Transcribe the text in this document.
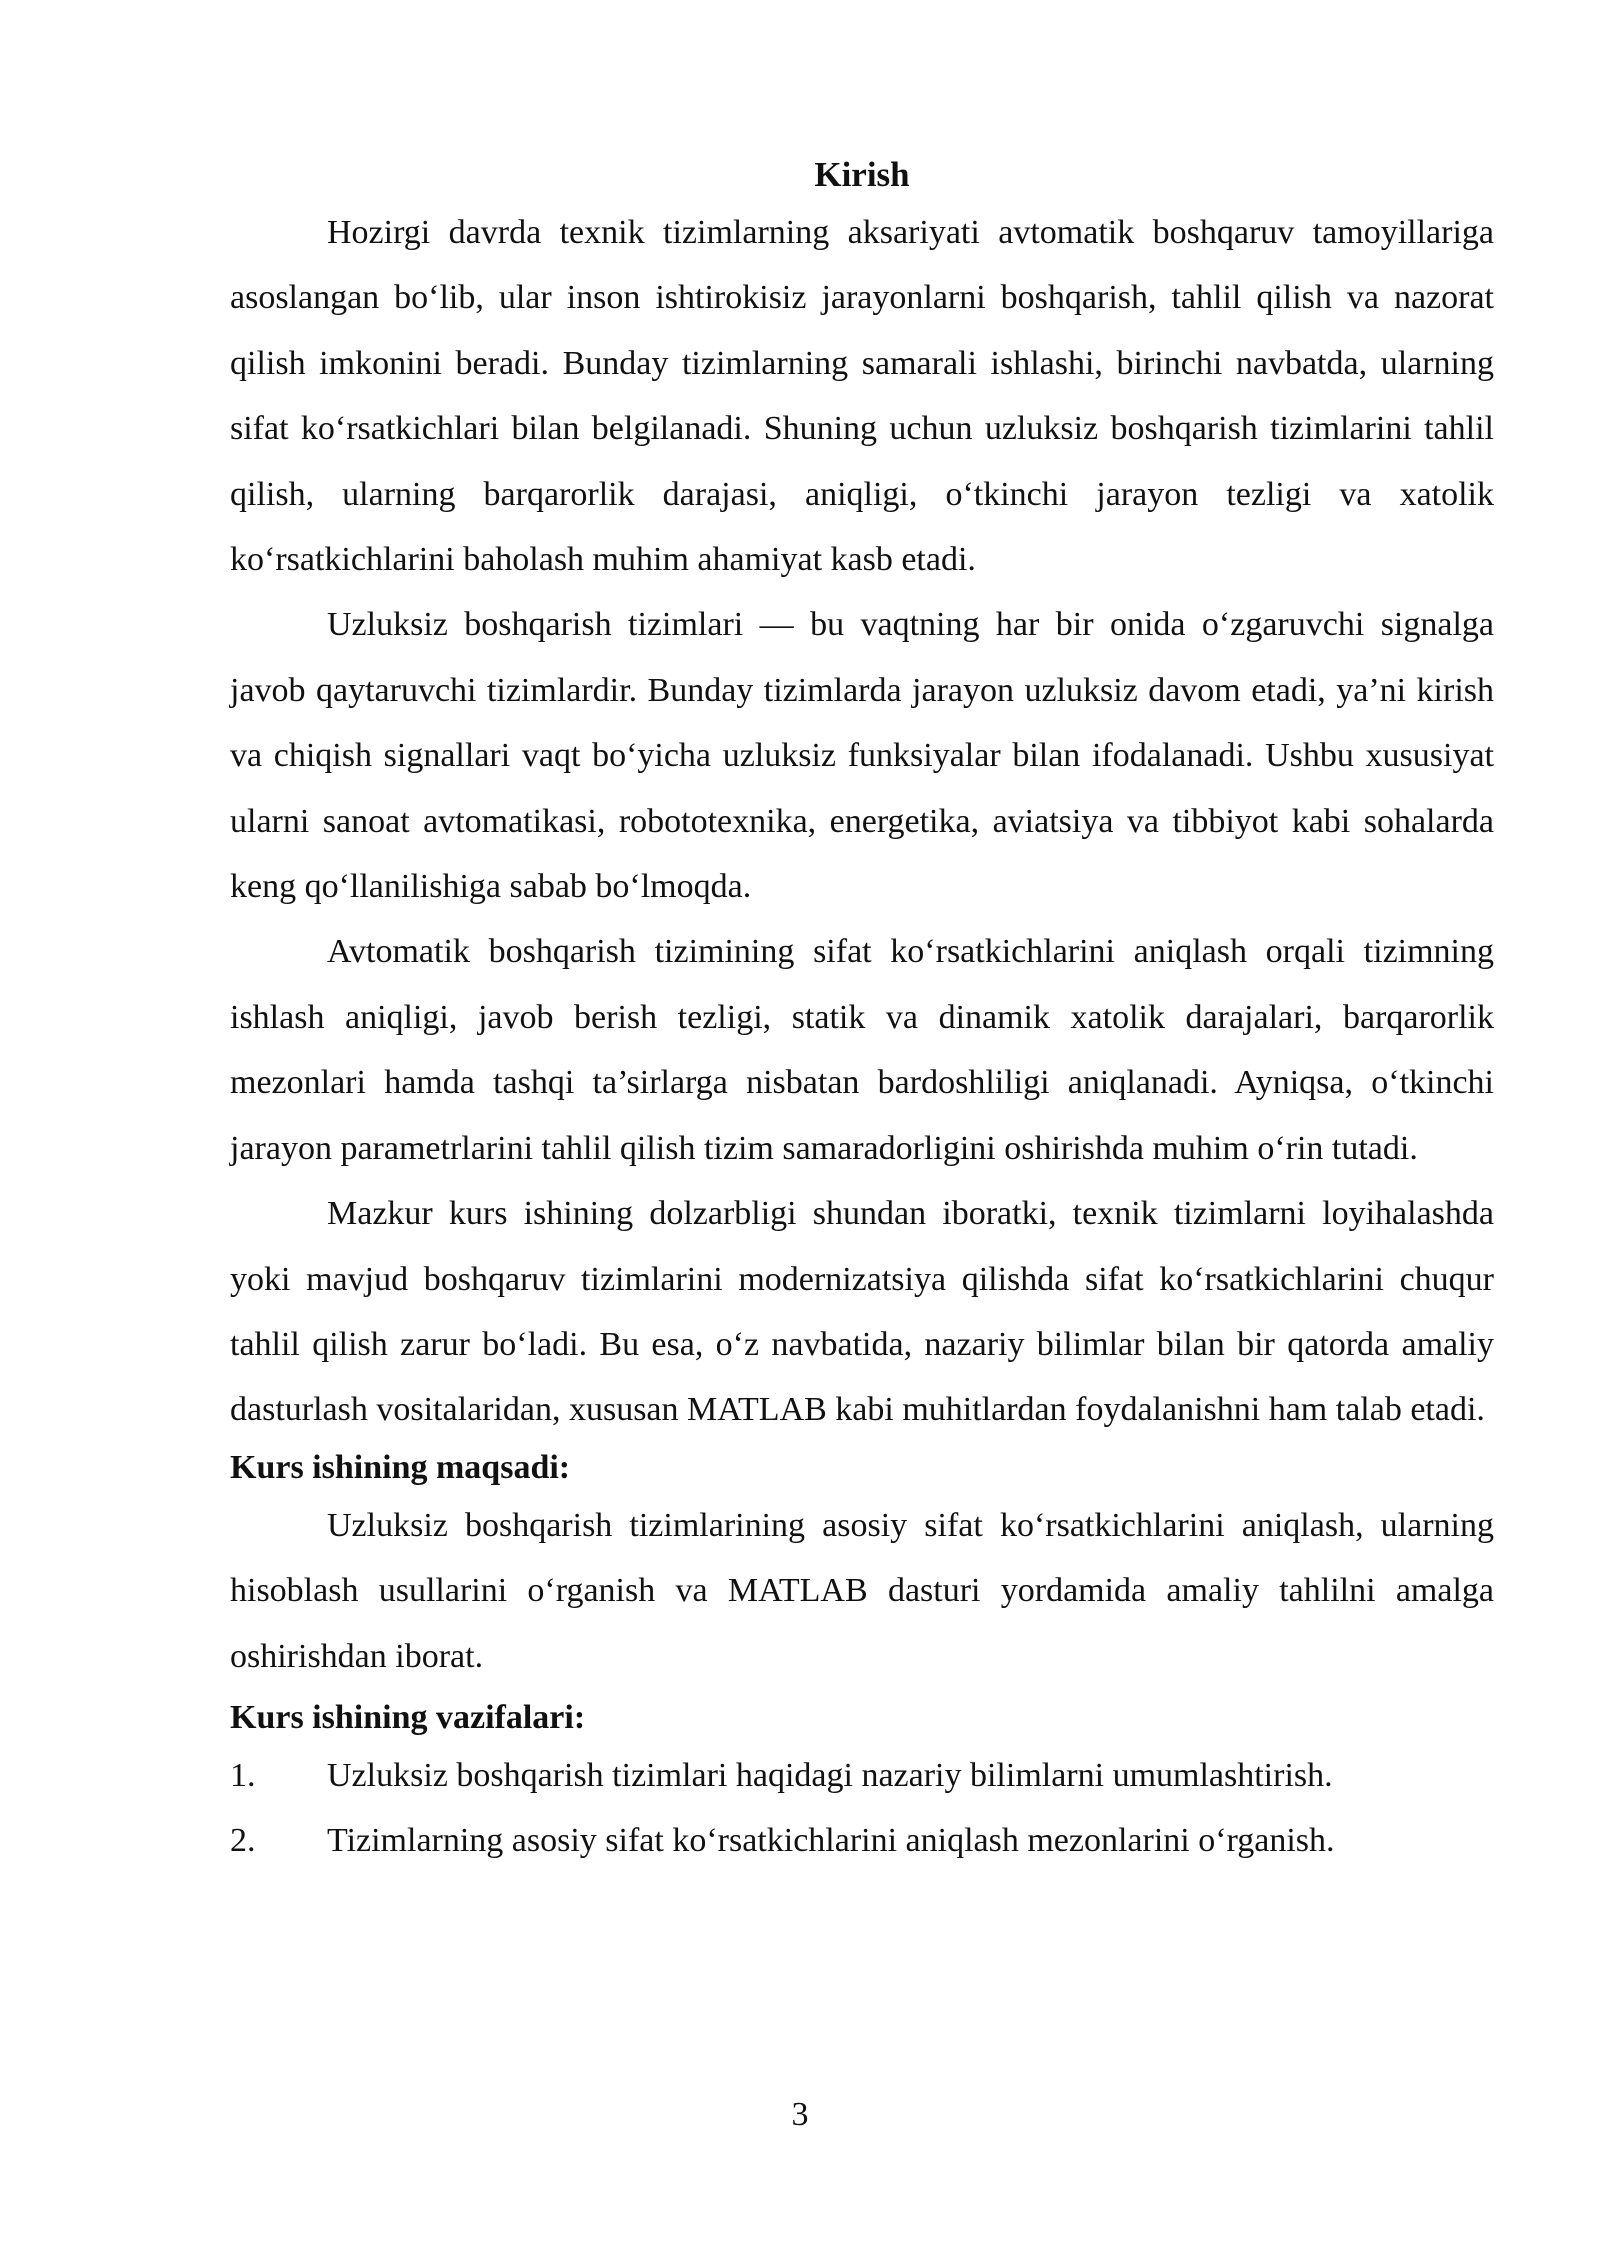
Kirish

Hozirgi davrda texnik tizimlarning aksariyati avtomatik boshqaruv tamoyillariga asoslangan bo‘lib, ular inson ishtirokisiz jarayonlarni boshqarish, tahlil qilish va nazorat qilish imkonini beradi. Bunday tizimlarning samarali ishlashi, birinchi navbatda, ularning sifat ko‘rsatkichlari bilan belgilanadi. Shuning uchun uzluksiz boshqarish tizimlarini tahlil qilish, ularning barqarorlik darajasi, aniqligi, o‘tkinchi jarayon tezligi va xatolik ko‘rsatkichlarini baholash muhim ahamiyat kasb etadi.

Uzluksiz boshqarish tizimlari — bu vaqtning har bir onida o‘zgaruvchi signalga javob qaytaruvchi tizimlardir. Bunday tizimlarda jarayon uzluksiz davom etadi, ya’ni kirish va chiqish signallari vaqt bo‘yicha uzluksiz funksiyalar bilan ifodalanadi. Ushbu xususiyat ularni sanoat avtomatikasi, robototexnika, energetika, aviatsiya va tibbiyot kabi sohalarda keng qo‘llanilishiga sabab bo‘lmoqda.

Avtomatik boshqarish tizimining sifat ko‘rsatkichlarini aniqlash orqali tizimning ishlash aniqligi, javob berish tezligi, statik va dinamik xatolik darajalari, barqarorlik mezonlari hamda tashqi ta’sirlarga nisbatan bardoshliligi aniqlanadi. Ayniqsa, o‘tkinchi jarayon parametrlarini tahlil qilish tizim samaradorligini oshirishda muhim o‘rin tutadi.

Mazkur kurs ishining dolzarbligi shundan iboratki, texnik tizimlarni loyihalashda yoki mavjud boshqaruv tizimlarini modernizatsiya qilishda sifat ko‘rsatkichlarini chuqur tahlil qilish zarur bo‘ladi. Bu esa, o‘z navbatida, nazariy bilimlar bilan bir qatorda amaliy dasturlash vositalaridan, xususan MATLAB kabi muhitlardan foydalanishni ham talab etadi.

Kurs ishining maqsadi:

Uzluksiz boshqarish tizimlarining asosiy sifat ko‘rsatkichlarini aniqlash, ularning hisoblash usullarini o‘rganish va MATLAB dasturi yordamida amaliy tahlilni amalga oshirishdan iborat.

Kurs ishining vazifalari:
1.	Uzluksiz boshqarish tizimlari haqidagi nazariy bilimlarni umumlashtirish.
2.	Tizimlarning asosiy sifat ko‘rsatkichlarini aniqlash mezonlarini o‘rganish.
3
